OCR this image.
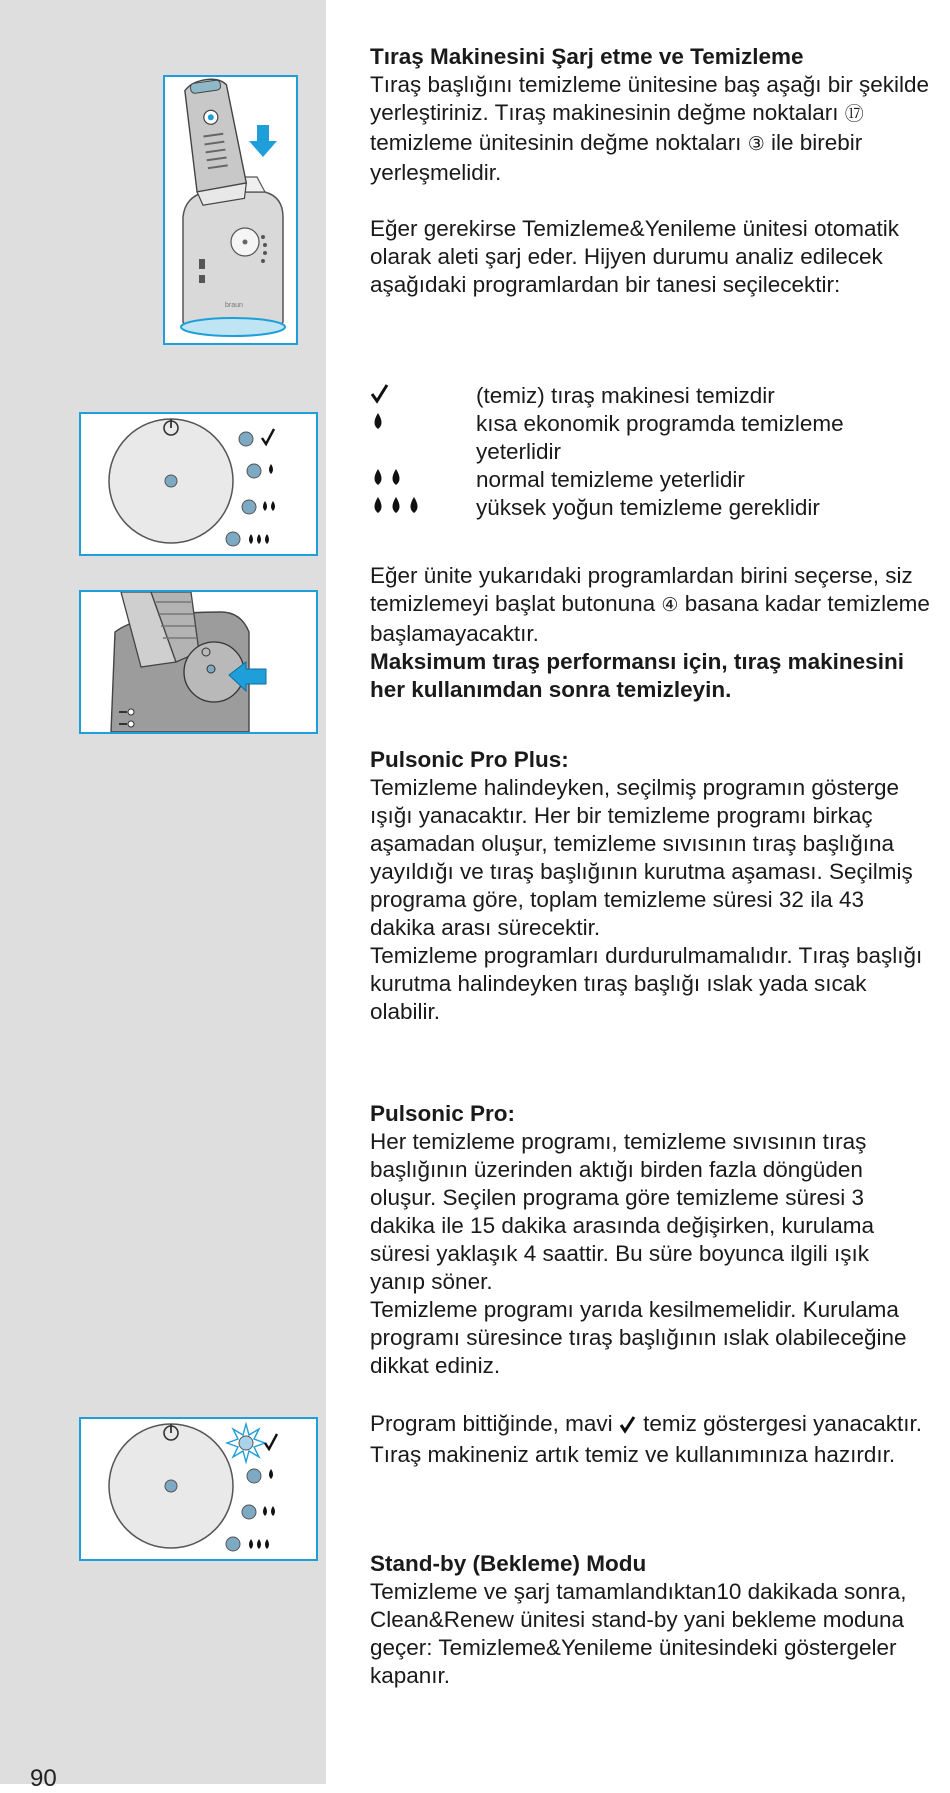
braun
90

Tıraş Makinesini Şarj etme ve Temizleme

Tıraş başlığını temizleme ünitesine baş aşağı bir şekilde yerleştiriniz. Tıraş makinesinin değme noktaları ⑰ temizleme ünitesinin değme noktaları ③ ile birebir yerleşmelidir.

Eğer gerekirse Temizleme&Yenileme ünitesi otomatik olarak aleti şarj eder. Hijyen durumu analiz edilecek aşağıdaki programlardan bir tanesi seçilecektir:

(temiz) tıraş makinesi temizdir
kısa ekonomik programda temizleme yeterlidir
normal temizleme yeterlidir
yüksek yoğun temizleme gereklidir

Eğer ünite yukarıdaki programlardan birini seçerse, siz temizlemeyi başlat butonuna ④ basana kadar temizleme başlamayacaktır.

Maksimum tıraş performansı için, tıraş makinesini her kullanımdan sonra temizleyin.

Pulsonic Pro Plus:

Temizleme halindeyken, seçilmiş programın gösterge ışığı yanacaktır. Her bir temizleme programı birkaç aşamadan oluşur, temizleme sıvısının tıraş başlığına yayıldığı ve tıraş başlığının kurutma aşaması. Seçilmiş programa göre, toplam temizleme süresi 32 ila 43 dakika arası sürecektir.

Temizleme programları durdurulmamalıdır. Tıraş başlığı kurutma halindeyken tıraş başlığı ıslak yada sıcak olabilir.

Pulsonic Pro:

Her temizleme programı, temizleme sıvısının tıraş başlığının üzerinden aktığı birden fazla döngüden oluşur. Seçilen programa göre temizleme süresi 3 dakika ile 15 dakika arasında değişirken, kurulama süresi yaklaşık 4 saattir. Bu süre boyunca ilgili ışık yanıp söner.

Temizleme programı yarıda kesilmemelidir. Kurulama programı süresince tıraş başlığının ıslak olabileceğine dikkat ediniz.

Program bittiğinde, mavi  temiz göstergesi yanacaktır. Tıraş makineniz artık temiz ve kullanımınıza hazırdır.

Stand-by (Bekleme) Modu

Temizleme ve şarj tamamlandıktan10 dakikada sonra, Clean&Renew ünitesi stand-by yani bekleme moduna geçer: Temizleme&Yenileme ünitesindeki göstergeler kapanır.
